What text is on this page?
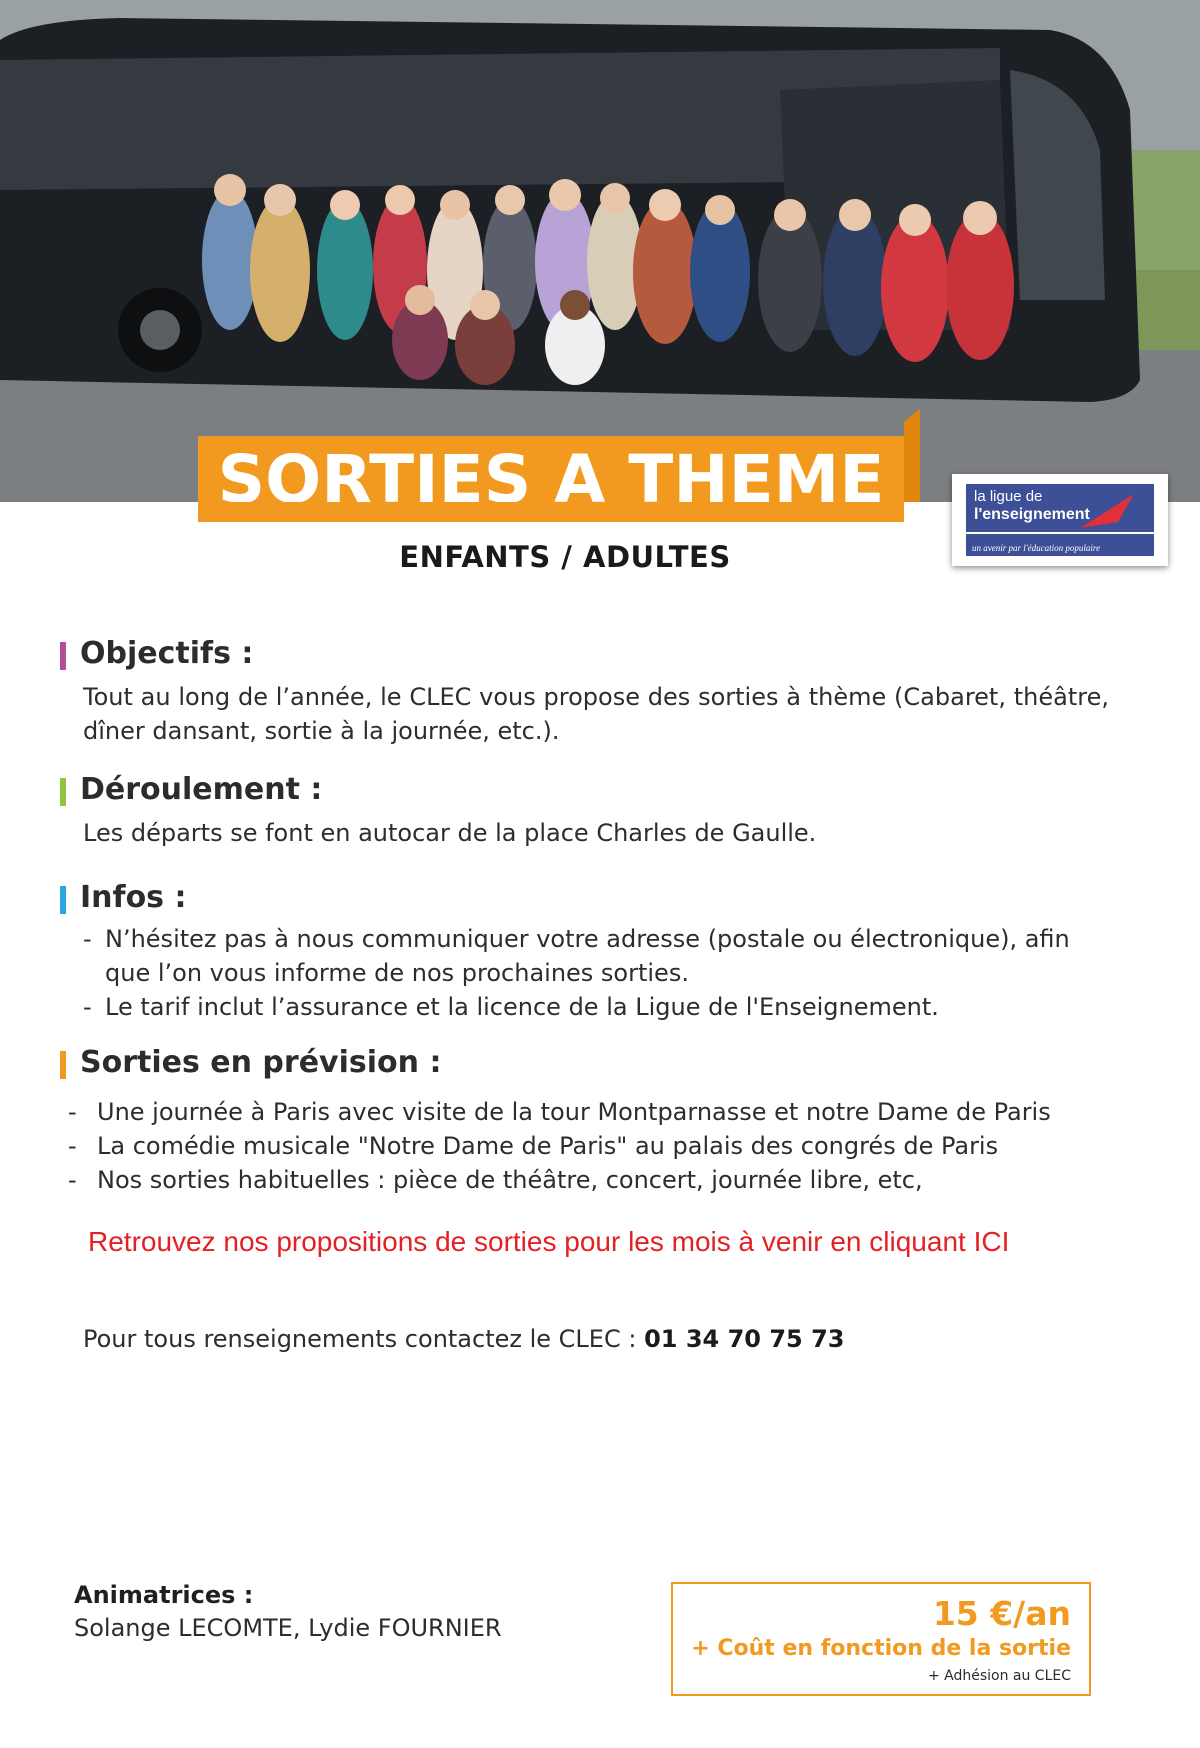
SORTIES A THEME	la ligue de
l'enseignement
un avenir par l'éducation populaire
ENFANTS / ADULTES
Objectifs :
Tout au long de l’année, le CLEC vous propose des sorties à thème (Cabaret, théâtre, dîner dansant, sortie à la journée, etc.).
Déroulement :
Les départs se font en autocar de la place Charles de Gaulle.
Infos :
- N’hésitez pas à nous communiquer votre adresse (postale ou électronique), afin que l’on vous informe de nos prochaines sorties.
- Le tarif inclut l’assurance et la licence de la Ligue de l'Enseignement.
Sorties en prévision :
- Une journée à Paris avec visite de la tour Montparnasse et notre Dame de Paris
- La comédie musicale "Notre Dame de Paris" au palais des congrés de Paris
- Nos sorties habituelles : pièce de théâtre, concert, journée libre, etc,
Retrouvez nos propositions de sorties pour les mois à venir en cliquant ICI
Pour tous renseignements contactez le CLEC : 01 34 70 75 73
Animatrices :
Solange LECOMTE, Lydie FOURNIER	15 €/an
+ Coût en fonction de la sortie
+ Adhésion au CLEC
